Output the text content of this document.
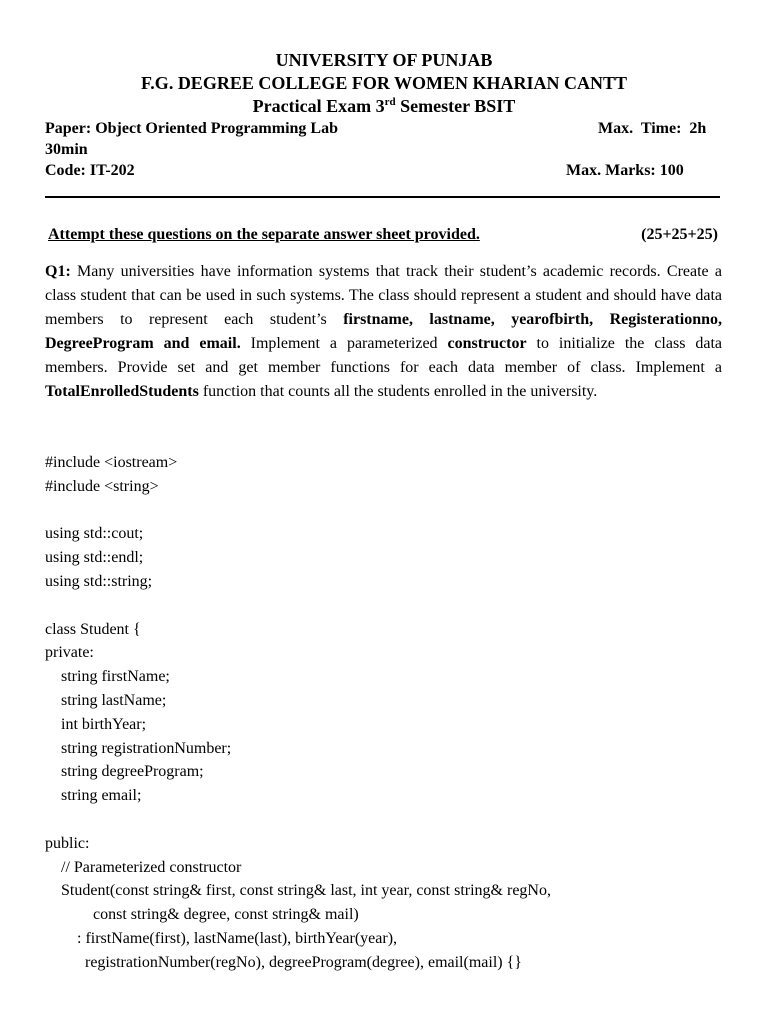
UNIVERSITY OF PUNJAB
F.G. DEGREE COLLEGE FOR WOMEN KHARIAN CANTT
Practical Exam 3rd Semester BSIT
Paper: Object Oriented Programming Lab	Max.  Time:  2h
30min
Code: IT-202	Max. Marks: 100
Attempt these questions on the separate answer sheet provided.	(25+25+25)

Q1: Many universities have information systems that track their student’s academic records. Create a class student that can be used in such systems. The class should represent a student and should have data members to represent each student’s firstname, lastname, yearofbirth, Registerationno, DegreeProgram and email. Implement a parameterized constructor to initialize the class data members. Provide set and get member functions for each data member of class. Implement a TotalEnrolledStudents function that counts all the students enrolled in the university.

#include <iostream>
#include <string>
using std::cout;
using std::endl;
using std::string;
class Student {
private:
string firstName;
string lastName;
int birthYear;
string registrationNumber;
string degreeProgram;
string email;
public:
// Parameterized constructor
Student(const string& first, const string& last, int year, const string& regNo,
const string& degree, const string& mail)
: firstName(first), lastName(last), birthYear(year),
registrationNumber(regNo), degreeProgram(degree), email(mail) {}
